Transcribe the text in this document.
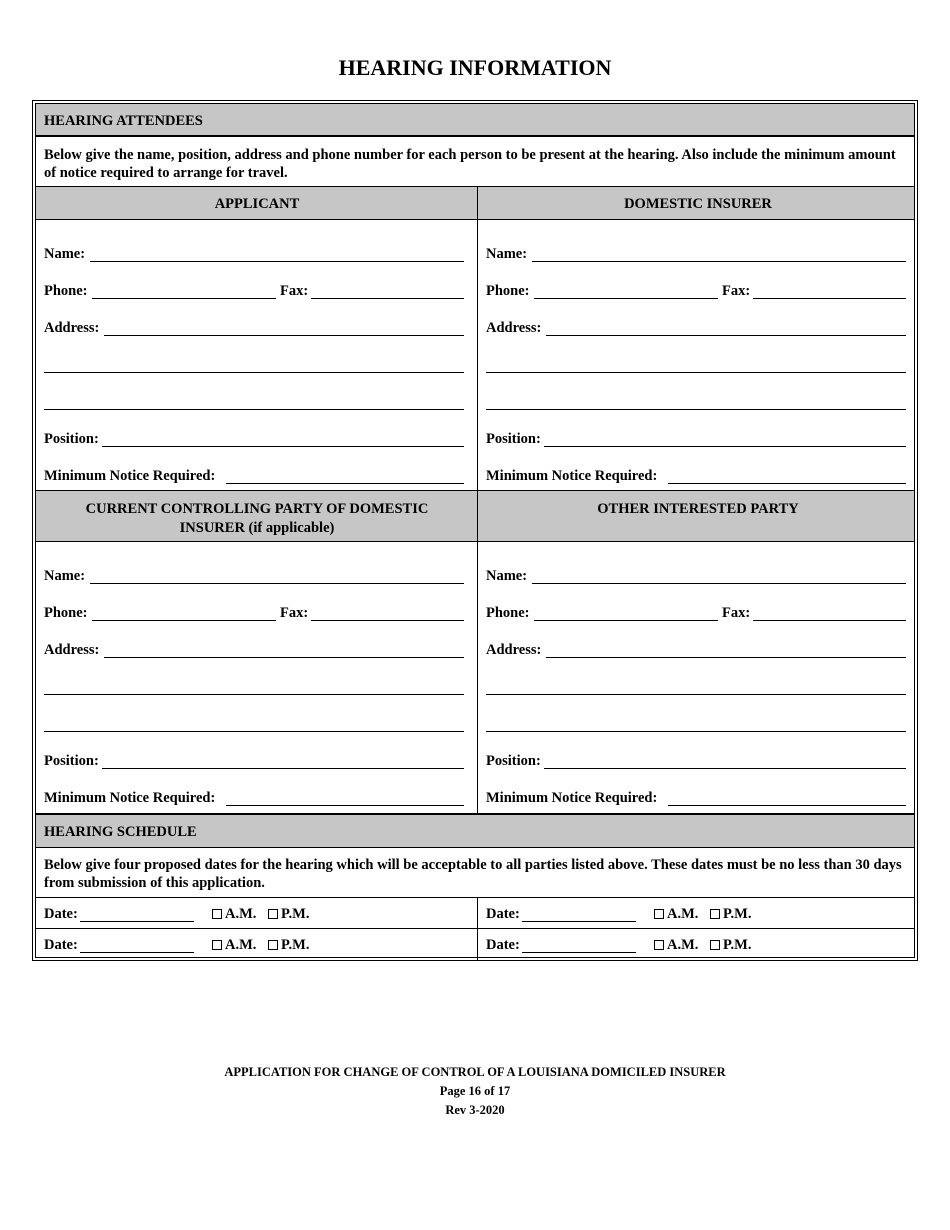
HEARING INFORMATION
HEARING ATTENDEES
Below give the name, position, address and phone number for each person to be present at the hearing. Also include the minimum amount of notice required to arrange for travel.
APPLICANT	DOMESTIC INSURER
Name:
Phone:	Fax:
Address:
Position:
Minimum Notice Required:
Name:
Phone:	Fax:
Address:
Position:
Minimum Notice Required:
CURRENT CONTROLLING PARTY OF DOMESTIC
INSURER (if applicable)
OTHER INTERESTED PARTY
Name:
Phone:	Fax:
Address:
Position:
Minimum Notice Required:
Name:
Phone:	Fax:
Address:
Position:
Minimum Notice Required:
HEARING SCHEDULE
Below give four proposed dates for the hearing which will be acceptable to all parties listed above. These dates must be no less than 30 days from submission of this application.
Date:	A.M.	P.M.
Date:	A.M.	P.M.
Date:	A.M.	P.M.
Date:	A.M.	P.M.
APPLICATION FOR CHANGE OF CONTROL OF A LOUISIANA DOMICILED INSURER
Page 16 of 17
Rev 3-2020
